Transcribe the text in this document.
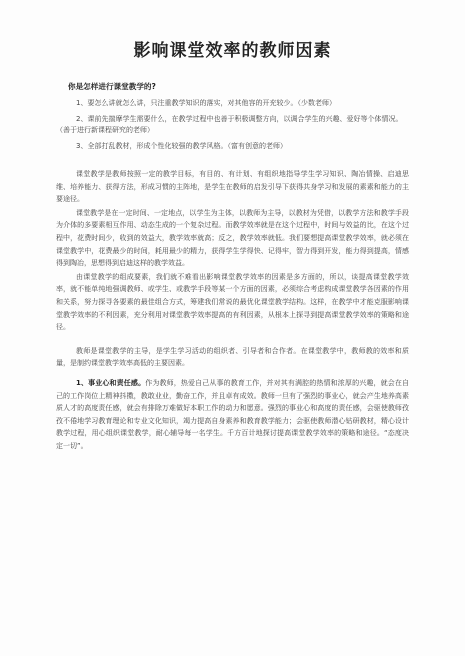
影响课堂效率的教师因素
你是怎样进行课堂教学的?
1、要怎么讲就怎么讲，只注重教学知识的落实，对其他容的开充较少。（少数老师）
2、课前先揣摩学生需要什么，在教学过程中也善于积极调整方向，以调合学生的兴趣、爱好等个体情况。（善于进行新课程研究的老师）
3、全部打乱教材，形成个性化较强的教学风格。（富有创意的老师）

课堂教学是教师按照一定的教学目标，有目的、有计划、有组织地指导学生学习知识、陶冶情操、启迪思维、培养能力、获得方法，形成习惯的主阵地，是学生在教师的启发引导下获得共身学习和发展的素素和能力的主要途径。

课堂教学是在一定时间、一定地点，以学生为主体，以教师为主导，以教材为凭借，以教学方法和教学手段为介体的多要素相互作用、动态生成的一个复杂过程。而教学效率就是在这个过程中，时间与效益的比，在这个过程中，花费时间少，收到的效益大，教学效率就高；反之，教学效率就低。我们要想提高课堂教学效率，就必须在课堂教学中，花费最少的时间，耗用最少的精力，获得学生学得快、记得牢，智力得到开发，能力得到提高，情感得到陶冶，思想得到启迪这样的教学效益。

由课堂教学的组成要素，我们就不难看出影响课堂教学效率的因素是多方面的，所以，谈提高课堂教学效率，就不能单纯地强调教师、或学生、或教学手段等某一个方面的因素，必须综合考虑构成课堂教学各因素的作用和关系，努力探寻各要素的最佳组合方式，筹建我们常说的最优化课堂教学结构。这样，在教学中才能克服影响课堂教学效率的不利因素，充分利用对课堂教学效率提高的有利因素，从根本上探寻到提高课堂教学效率的策略和途径。

教师是课堂教学的主导，是学生学习活动的组织者、引导者和合作者。在课堂教学中，教师教的效率和质量，是制约课堂教学效率高低的主要因素。

1、事业心和责任感。作为教师，热爱自己从事的教育工作，并对其有满腔的热情和浓厚的兴趣，就会在自己的工作岗位上精神抖擞，教敢业业，勤奋工作，并且卓有成效。教师一旦有了强烈的事业心，就会产生地养高素质人才的高度责任感，就会有排除万难做好本职工作的动力和愿意。强烈的事业心和高度的责任感，会驱使教师孜孜不倦地学习教育理论和专业文化知识，竭力提高自身素养和教育教学能力；会驱使教师潜心钻研教材，精心设计教学过程，用心组织课堂教学，耐心辅导每一名学生。千方百计地探讨提高课堂教学效率的策略和途径。“态度决定一切”。
